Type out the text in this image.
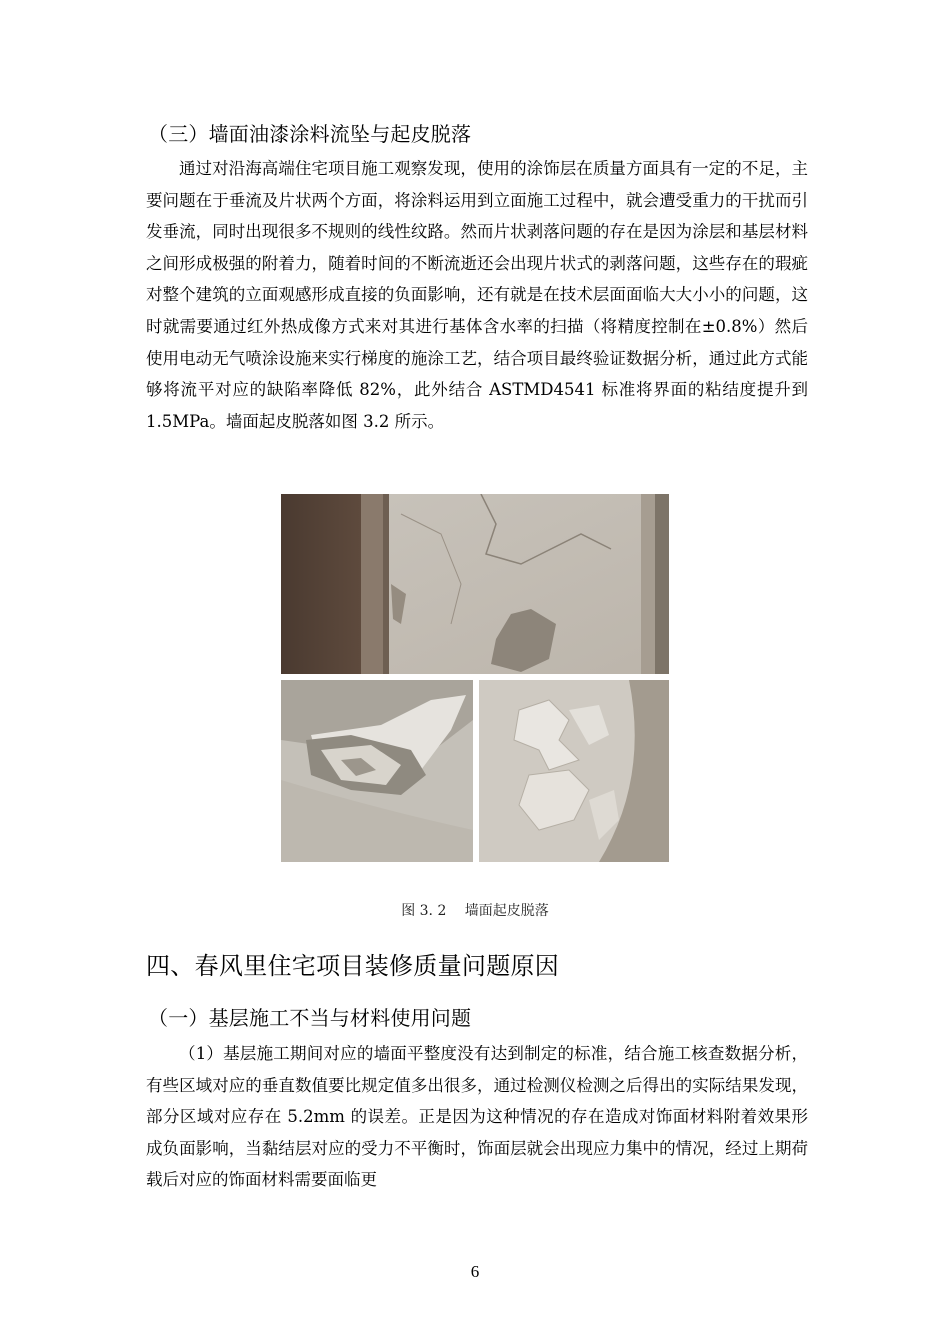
（三）墙面油漆涂料流坠与起皮脱落

通过对沿海高端住宅项目施工观察发现，使用的涂饰层在质量方面具有一定的不足，主要问题在于垂流及片状两个方面，将涂料运用到立面施工过程中，就会遭受重力的干扰而引发垂流，同时出现很多不规则的线性纹路。然而片状剥落问题的存在是因为涂层和基层材料之间形成极强的附着力，随着时间的不断流逝还会出现片状式的剥落问题，这些存在的瑕疵对整个建筑的立面观感形成直接的负面影响，还有就是在技术层面面临大大小小的问题，这时就需要通过红外热成像方式来对其进行基体含水率的扫描（将精度控制在±0.8%）然后使用电动无气喷涂设施来实行梯度的施涂工艺，结合项目最终验证数据分析，通过此方式能够将流平对应的缺陷率降低 82%，此外结合 ASTMD4541 标准将界面的粘结度提升到 1.5MPa。墙面起皮脱落如图 3.2 所示。

图 3. 2　 墙面起皮脱落
四、春风里住宅项目装修质量问题原因
（一）基层施工不当与材料使用问题

（1）基层施工期间对应的墙面平整度没有达到制定的标准，结合施工核查数据分析，有些区域对应的垂直数值要比规定值多出很多，通过检测仪检测之后得出的实际结果发现，部分区域对应存在 5.2mm 的误差。正是因为这种情况的存在造成对饰面材料附着效果形成负面影响，当黏结层对应的受力不平衡时，饰面层就会出现应力集中的情况，经过上期荷载后对应的饰面材料需要面临更

6
